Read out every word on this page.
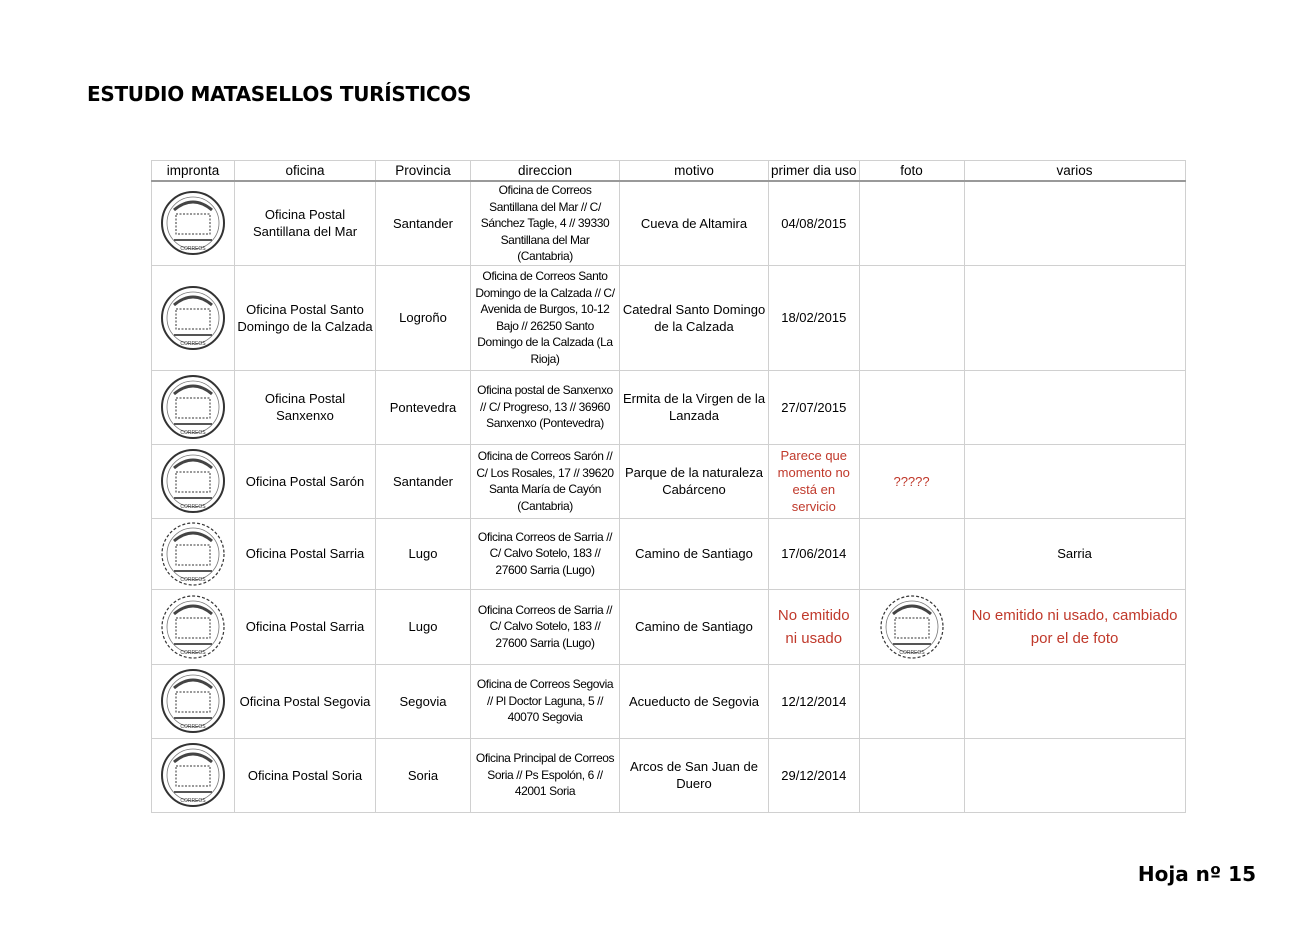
ESTUDIO MATASELLOS TURÍSTICOS
impronta	oficina	Provincia	direccion	motivo	primer dia uso	foto	varios

CORREOS	Oficina Postal Santillana del Mar	Santander	Oficina de Correos Santillana del Mar // C/ Sánchez Tagle, 4 // 39330 Santillana del Mar (Cantabria)	Cueva de Altamira	04/08/2015		

CORREOS	Oficina Postal Santo Domingo de la Calzada	Logroño	Oficina de Correos Santo Domingo de la Calzada // C/ Avenida de Burgos, 10-12 Bajo // 26250 Santo Domingo de la Calzada (La Rioja)	Catedral Santo Domingo de la Calzada	18/02/2015		

CORREOS	Oficina Postal Sanxenxo	Pontevedra	Oficina postal de Sanxenxo // C/ Progreso, 13 // 36960 Sanxenxo (Pontevedra)	Ermita de la Virgen de la Lanzada	27/07/2015		

CORREOS	Oficina Postal Sarón	Santander	Oficina de Correos Sarón // C/ Los Rosales, 17 // 39620 Santa María de Cayón (Cantabria)	Parque de la naturaleza Cabárceno	Parece que momento no está en servicio	?????	

CORREOS	Oficina Postal Sarria	Lugo	Oficina Correos de Sarria // C/ Calvo Sotelo, 183 // 27600 Sarria (Lugo)	Camino de Santiago	17/06/2014		Sarria

CORREOS	Oficina Postal Sarria	Lugo	Oficina Correos de Sarria // C/ Calvo Sotelo, 183 // 27600 Sarria (Lugo)	Camino de Santiago	No emitido ni usado	CORREOS	No emitido ni usado, cambiado por el de foto

CORREOS	Oficina Postal Segovia	Segovia	Oficina de Correos Segovia // Pl Doctor Laguna, 5 // 40070 Segovia	Acueducto de Segovia	12/12/2014		

CORREOS	Oficina Postal Soria	Soria	Oficina Principal de Correos Soria // Ps Espolón, 6 // 42001 Soria	Arcos de San Juan de Duero	29/12/2014		
Hoja nº 15
